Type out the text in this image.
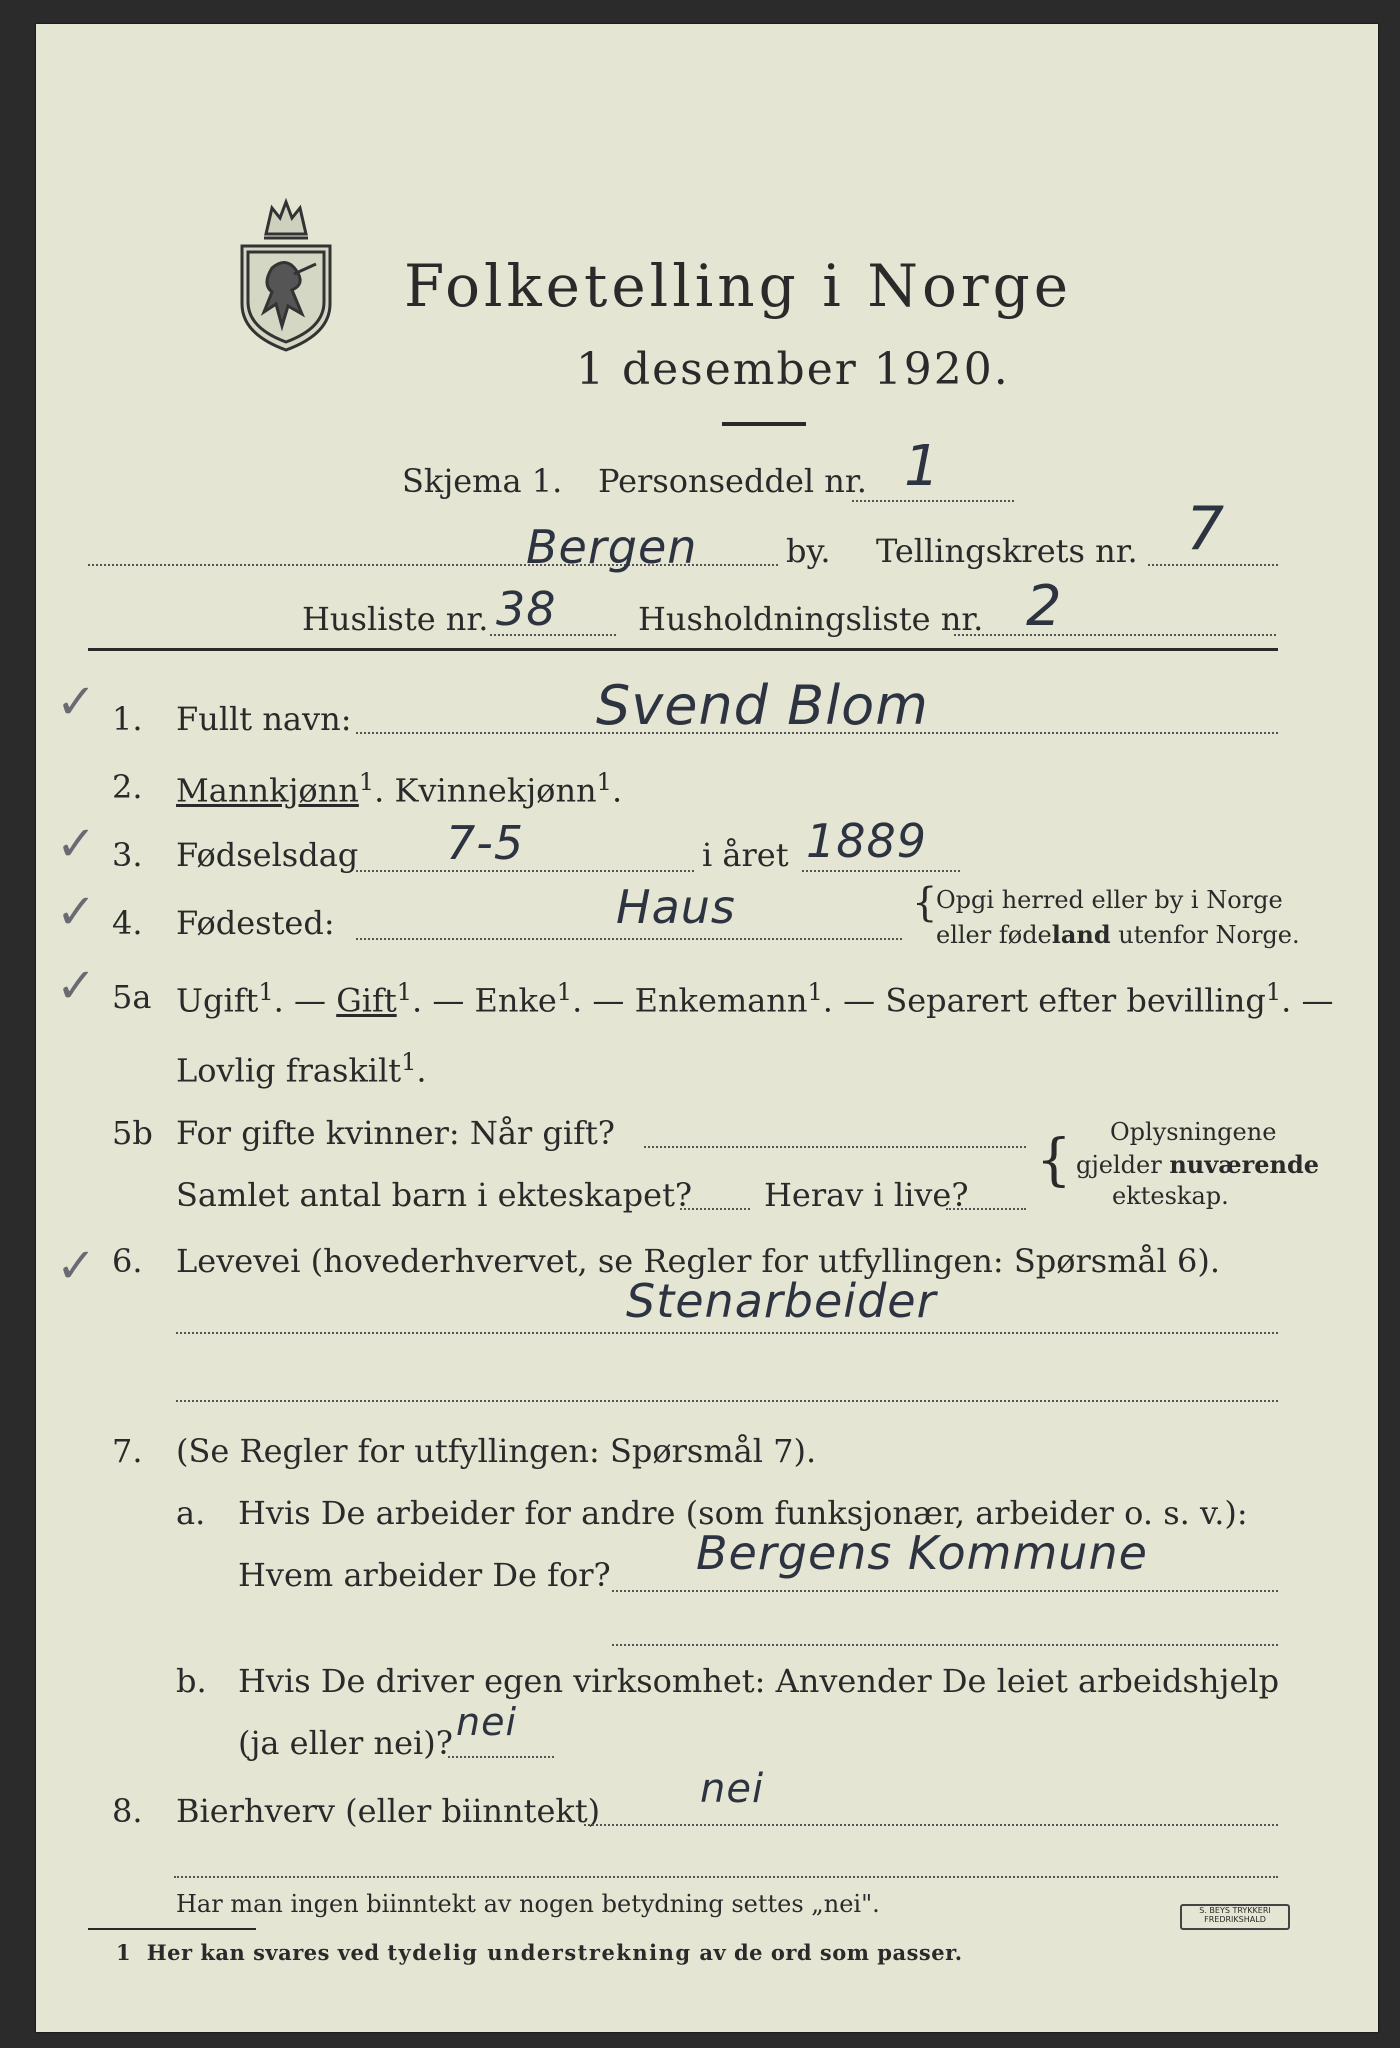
Folketelling i Norge
1 desember 1920.
Skjema 1. Personseddel nr. 1
Bergen	by. Tellingskrets nr. 7
Husliste nr. 38	Husholdningsliste nr. 2
✓ 1. Fullt navn:	Svend Blom
2. Mannkjønn$^1$. Kvinnekjønn$^1$.
✓ 3. Fødselsdag 7-5	i året 1889
✓ 4. Fødested:	Haus	{
Opgi herred eller by i Norge
eller fødeland utenfor Norge.
✓ 5a Ugift$^1$. — Gift$^1$. — Enke$^1$. — Enkemann$^1$. — Separert efter bevilling$^1$. —
Lovlig fraskilt$^1$.
5b For gifte kvinner: Når gift?
Samlet antal barn i ekteskapet? Herav i live?
{ Oplysningene
gjelder nuværende
ekteskap.
✓ 6. Levevei (hovederhvervet, se Regler for utfyllingen: Spørsmål 6).
Stenarbeider
7. (Se Regler for utfyllingen: Spørsmål 7).
a. Hvis De arbeider for andre (som funksjonær, arbeider o. s. v.):
Hvem arbeider De for? Bergens Kommune
b. Hvis De driver egen virksomhet: Anvender De leiet arbeidshjelp
(ja eller nei)? nei
8. Bierhverv (eller biinntekt) nei
Har man ingen biinntekt av nogen betydning settes „nei".
1 Her kan svares ved tydelig understrekning av de ord som passer.
S. BEYS TRYKKERI FREDRIKSHALD
